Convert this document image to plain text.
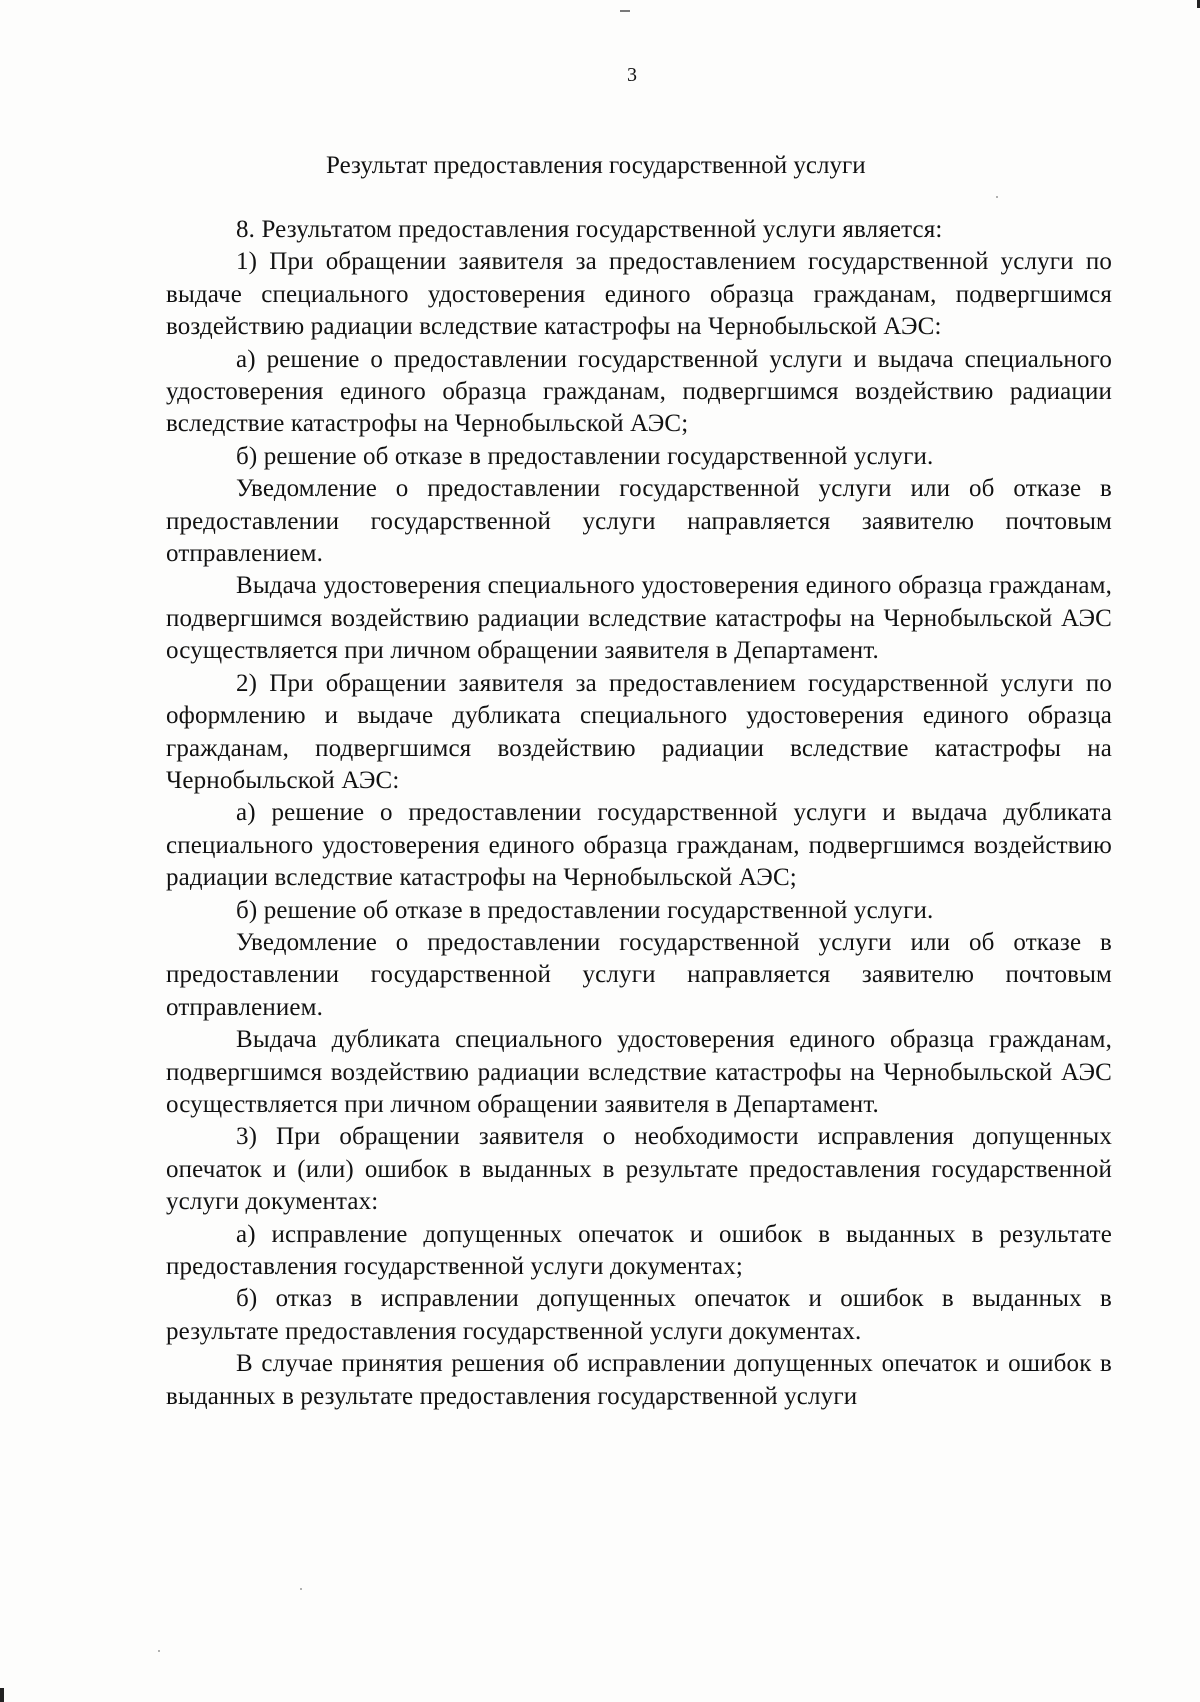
3
Результат предоставления государственной услуги

8. Результатом предоставления государственной услуги является:

1) При обращении заявителя за предоставлением государственной услуги по выдаче специального удостоверения единого образца гражданам, подвергшимся воздействию радиации вследствие катастрофы на Чернобыльской АЭС:

а) решение о предоставлении государственной услуги и выдача специального удостоверения единого образца гражданам, подвергшимся воздействию радиации вследствие катастрофы на Чернобыльской АЭС;

б) решение об отказе в предоставлении государственной услуги.

Уведомление о предоставлении государственной услуги или об отказе в предоставлении государственной услуги направляется заявителю почтовым отправлением.

Выдача удостоверения специального удостоверения единого образца гражданам, подвергшимся воздействию радиации вследствие катастрофы на Чернобыльской АЭС осуществляется при личном обращении заявителя в Департамент.

2) При обращении заявителя за предоставлением государственной услуги по оформлению и выдаче дубликата специального удостоверения единого образца гражданам, подвергшимся воздействию радиации вследствие катастрофы на Чернобыльской АЭС:

а) решение о предоставлении государственной услуги и выдача дубликата специального удостоверения единого образца гражданам, подвергшимся воздействию радиации вследствие катастрофы на Чернобыльской АЭС;

б) решение об отказе в предоставлении государственной услуги.

Уведомление о предоставлении государственной услуги или об отказе в предоставлении государственной услуги направляется заявителю почтовым отправлением.

Выдача дубликата специального удостоверения единого образца гражданам, подвергшимся воздействию радиации вследствие катастрофы на Чернобыльской АЭС осуществляется при личном обращении заявителя в Департамент.

3) При обращении заявителя о необходимости исправления допущенных опечаток и (или) ошибок в выданных в результате предоставления государственной услуги документах:

а) исправление допущенных опечаток и ошибок в выданных в результате предоставления государственной услуги документах;

б) отказ в исправлении допущенных опечаток и ошибок в выданных в результате предоставления государственной услуги документах.

В случае принятия решения об исправлении допущенных опечаток и ошибок в выданных в результате предоставления государственной услуги
